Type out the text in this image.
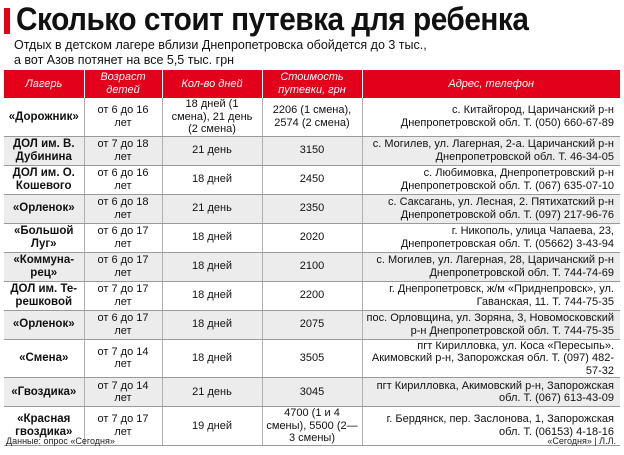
Сколько стоит путевка для ребенка
Отдых в детском лагере вблизи Днепропетровска обойдется до 3 тыс.,
а вот Азов потянет на все 5,5 тыс. грн
Лагерь	Возраст детей	Кол-во дней	Стоимость путевки, грн	Адрес, телефон
«Дорожник»	от 6 до 16 лет	18 дней (1 смена), 21 день (2 смена)	2206 (1 смена), 2574 (2 смена)	с. Китайгород, Царичанский р-н Днепропетровской обл. Т. (050) 660-67-89
ДОЛ им. В. Дубинина	от 7 до 18 лет	21 день	3150	с. Могилев, ул. Лагерная, 2-а. Царичанский р-н Днепропетровской обл. Т. 46-34-05
ДОЛ им. О. Кошевого	от 6 до 16 лет	18 дней	2450	с. Любимовка, Днепропетровский р-н Днепропетровской обл. Т. (067) 635-07-10
«Орленок»	от 6 до 18 лет	21 день	2350	с. Саксагань, ул. Лесная, 2. Пятихатский р-н Днепропетровской обл. Т. (097) 217-96-76
«Большой Луг»	от 6 до 17 лет	18 дней	2020	г. Никополь, улица Чапаева, 23, Днепропетровская обл. Т. (05662) 3-43-94
«Коммуна-рец»	от 6 до 17 лет	18 дней	2100	с. Могилев, ул. Лагерная, 28, Царичанский р-н Днепропетровской обл. Т. 744-74-69
ДОЛ им. Те-решковой	от 7 до 17 лет	18 дней	2200	г. Днепропетровск, ж/м «Приднепровск», ул. Гаванская, 11. Т. 744-75-35
«Орленок»	от 6 до 17 лет	18 дней	2075	пос. Орловщина, ул. Зоряна, 3, Новомосковский р-н Днепропетровской обл. Т. 744-75-35
«Смена»	от 7 до 14 лет	18 дней	3505	пгт Кирилловка, ул. Коса «Пересыпь». Акимовский р-н, Запорожская обл. Т. (097) 482-57-32
«Гвоздика»	от 7 до 14 лет	21 день	3045	пгт Кирилловка, Акимовский р-н, Запорожская обл. Т. (067) 613-43-09
«Красная гвоздика»	от 7 до 17 лет	19 дней	4700 (1 и 4 смены), 5500 (2—3 смены)	г. Бердянск, пер. Заслонова, 1, Запорожская обл. Т. (06153) 4-18-16
Данные: опрос «Сегодня»	«Сегодня» | Л.Л.
